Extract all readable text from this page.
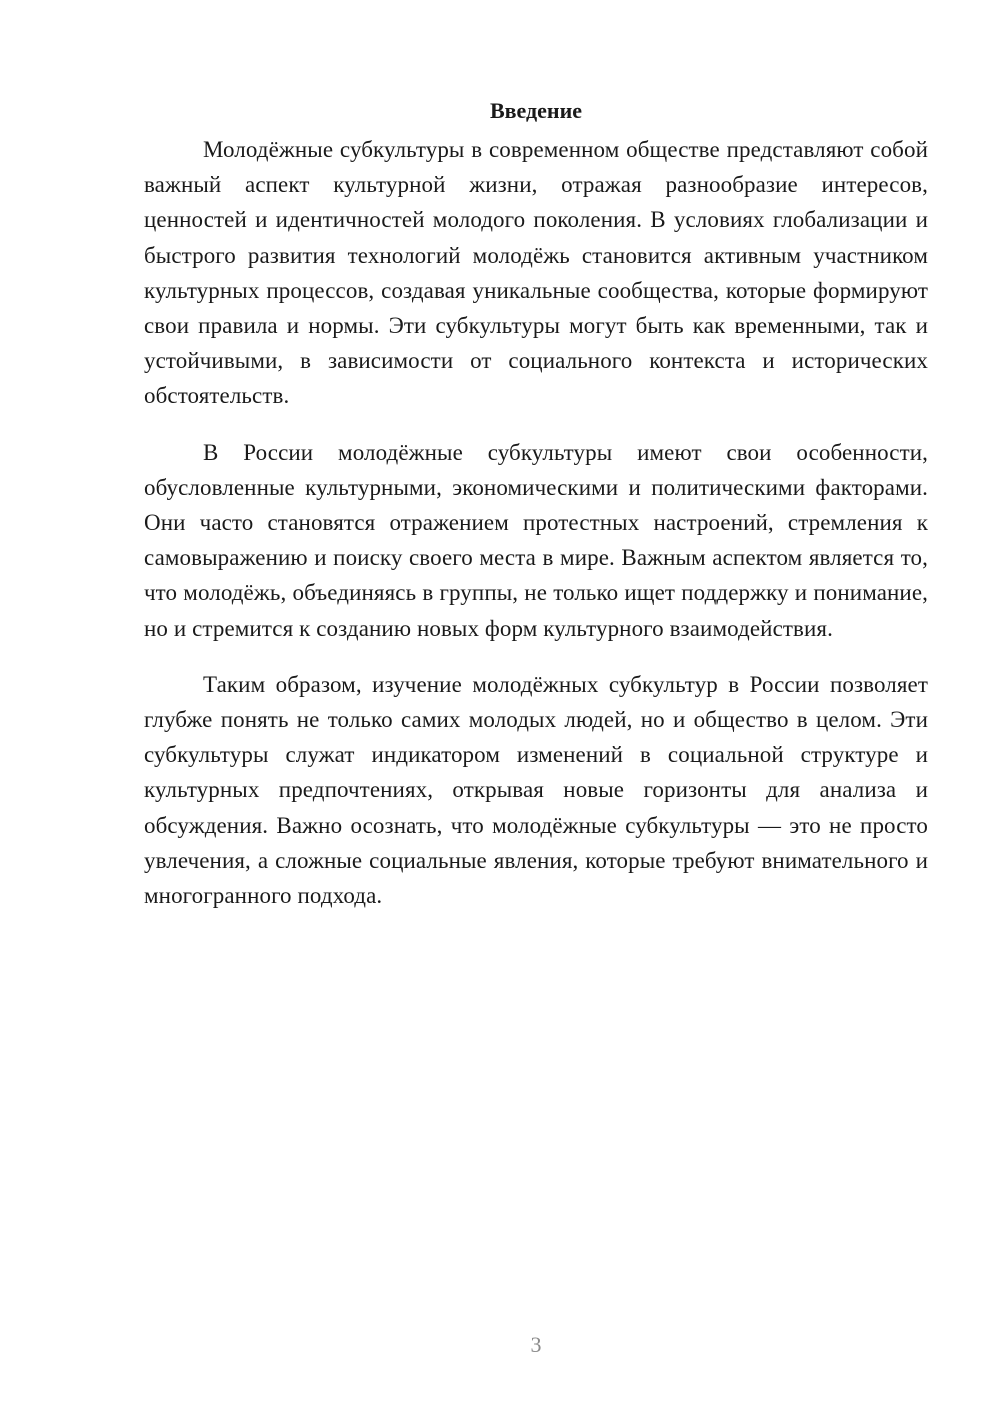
Введение

Молодёжные субкультуры в современном обществе представляют собой важный аспект культурной жизни, отражая разнообразие интересов, ценностей и идентичностей молодого поколения. В условиях глобализации и быстрого развития технологий молодёжь становится активным участником культурных процессов, создавая уникальные сообщества, которые формируют свои правила и нормы. Эти субкультуры могут быть как временными, так и устойчивыми, в зависимости от социального контекста и исторических обстоятельств.

В России молодёжные субкультуры имеют свои особенности, обусловленные культурными, экономическими и политическими факторами. Они часто становятся отражением протестных настроений, стремления к самовыражению и поиску своего места в мире. Важным аспектом является то, что молодёжь, объединяясь в группы, не только ищет поддержку и понимание, но и стремится к созданию новых форм культурного взаимодействия.

Таким образом, изучение молодёжных субкультур в России позволяет глубже понять не только самих молодых людей, но и общество в целом. Эти субкультуры служат индикатором изменений в социальной структуре и культурных предпочтениях, открывая новые горизонты для анализа и обсуждения. Важно осознать, что молодёжные субкультуры — это не просто увлечения, а сложные социальные явления, которые требуют внимательного и многогранного подхода.

3
